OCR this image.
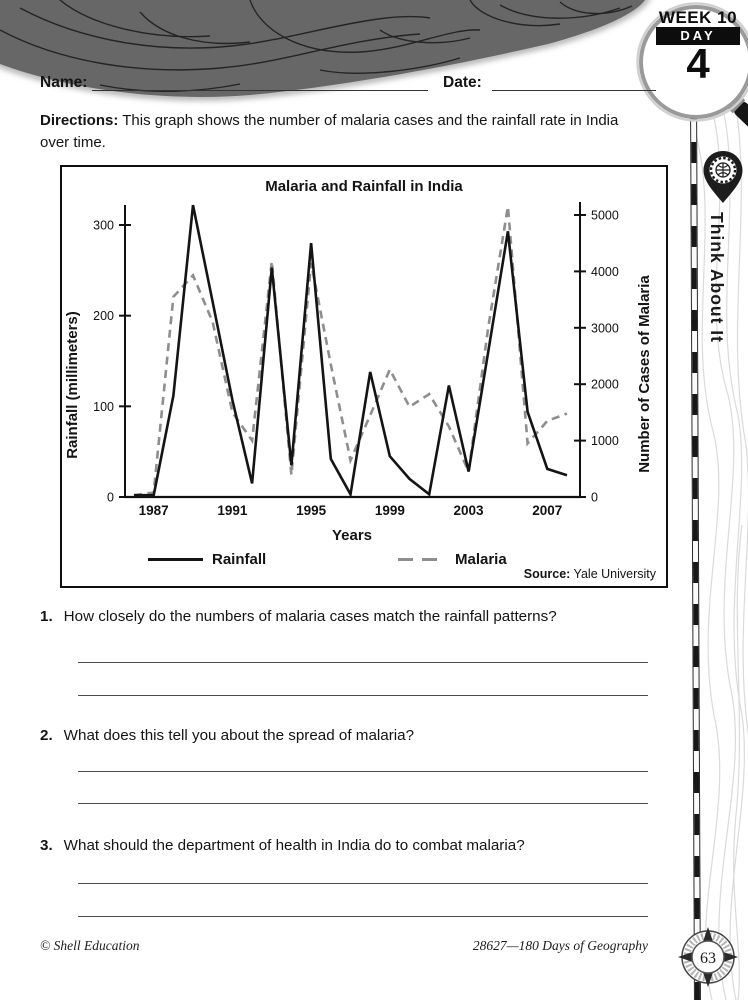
WEEK 10
DAY
4
Think About It
Name:	Date:
Directions: This graph shows the number of malaria cases and the rainfall rate in India over time.
Malaria and Rainfall in India
0
100
200
300
0
1000
2000
3000
4000
5000
1987	1991	1995	1999	2003	2007
Rainfall (millimeters)	Number of Cases of Malaria
Years
Rainfall	Malaria
Source: Yale University
1. How closely do the numbers of malaria cases match the rainfall patterns?
2. What does this tell you about the spread of malaria?
3. What should the department of health in India do to combat malaria?
© Shell Education	28627—180 Days of Geography
63
